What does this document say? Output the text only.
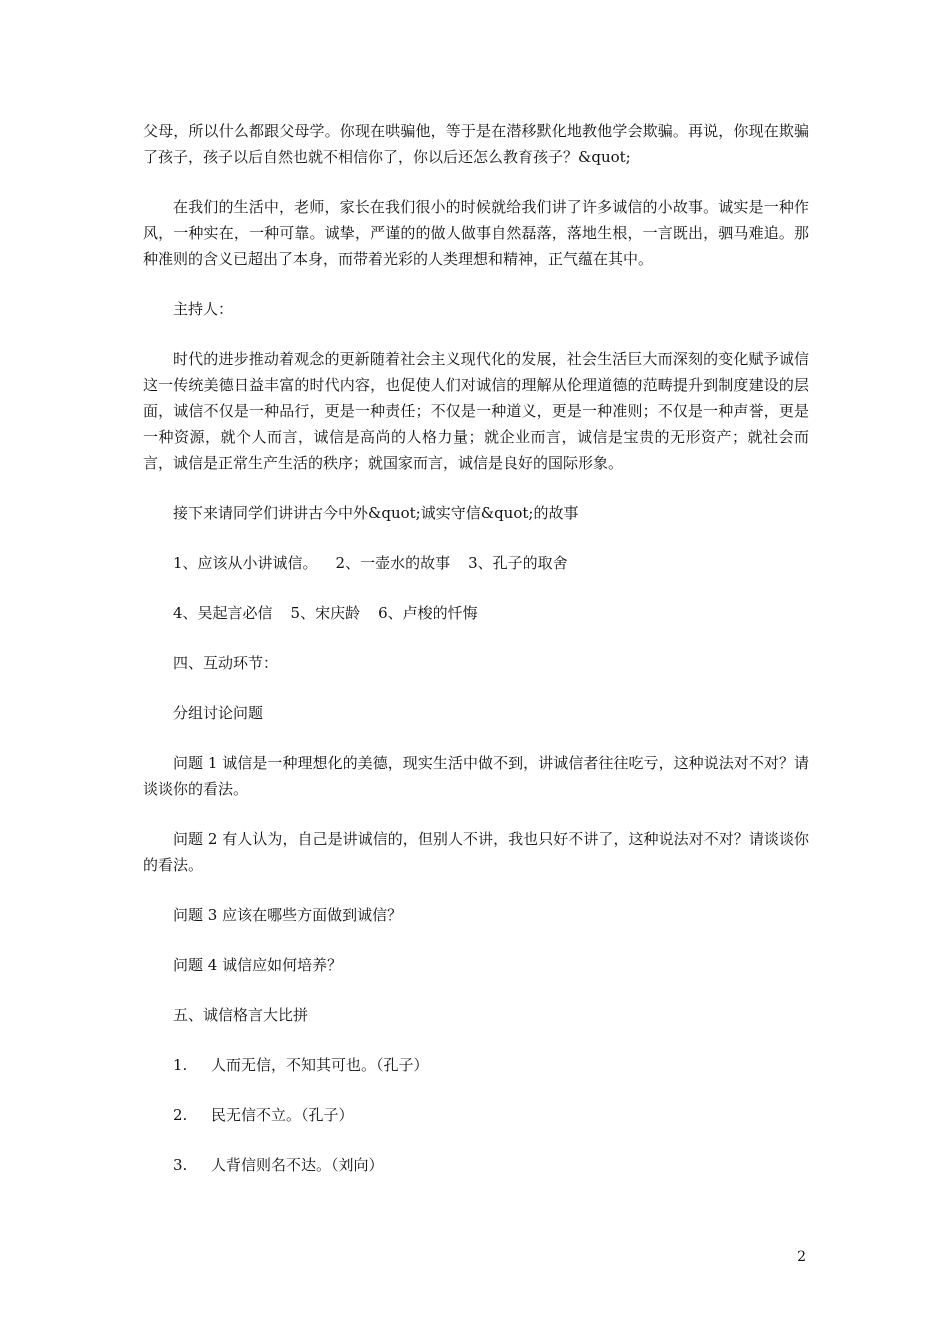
父母，所以什么都跟父母学。你现在哄骗他，等于是在潜移默化地教他学会欺骗。再说，你现在欺骗了孩子，孩子以后自然也就不相信你了，你以后还怎么教育孩子？&quot;

在我们的生活中，老师，家长在我们很小的时候就给我们讲了许多诚信的小故事。诚实是一种作风，一种实在，一种可靠。诚挚，严谨的的做人做事自然磊落，落地生根，一言既出，驷马难追。那种准则的含义已超出了本身，而带着光彩的人类理想和精神，正气蕴在其中。

主持人：

时代的进步推动着观念的更新随着社会主义现代化的发展，社会生活巨大而深刻的变化赋予诚信这一传统美德日益丰富的时代内容，也促使人们对诚信的理解从伦理道德的范畴提升到制度建设的层面，诚信不仅是一种品行，更是一种责任；不仅是一种道义，更是一种准则；不仅是一种声誉，更是一种资源，就个人而言，诚信是高尚的人格力量；就企业而言，诚信是宝贵的无形资产；就社会而言，诚信是正常生产生活的秩序；就国家而言，诚信是良好的国际形象。

接下来请同学们讲讲古今中外&quot;诚实守信&quot;的故事

1、应该从小讲诚信。 2、一壶水的故事 3、孔子的取舍
4、吴起言必信 5、宋庆龄 6、卢梭的忏悔

四、互动环节：

分组讨论问题

问题 1 诚信是一种理想化的美德，现实生活中做不到，讲诚信者往往吃亏，这种说法对不对？请谈谈你的看法。

问题 2 有人认为，自己是讲诚信的，但别人不讲，我也只好不讲了，这种说法对不对？请谈谈你的看法。

问题 3 应该在哪些方面做到诚信？

问题 4 诚信应如何培养？

五、诚信格言大比拼

1. 人而无信，不知其可也。（孔子）
2. 民无信不立。（孔子）
3. 人背信则名不达。（刘向）
2
